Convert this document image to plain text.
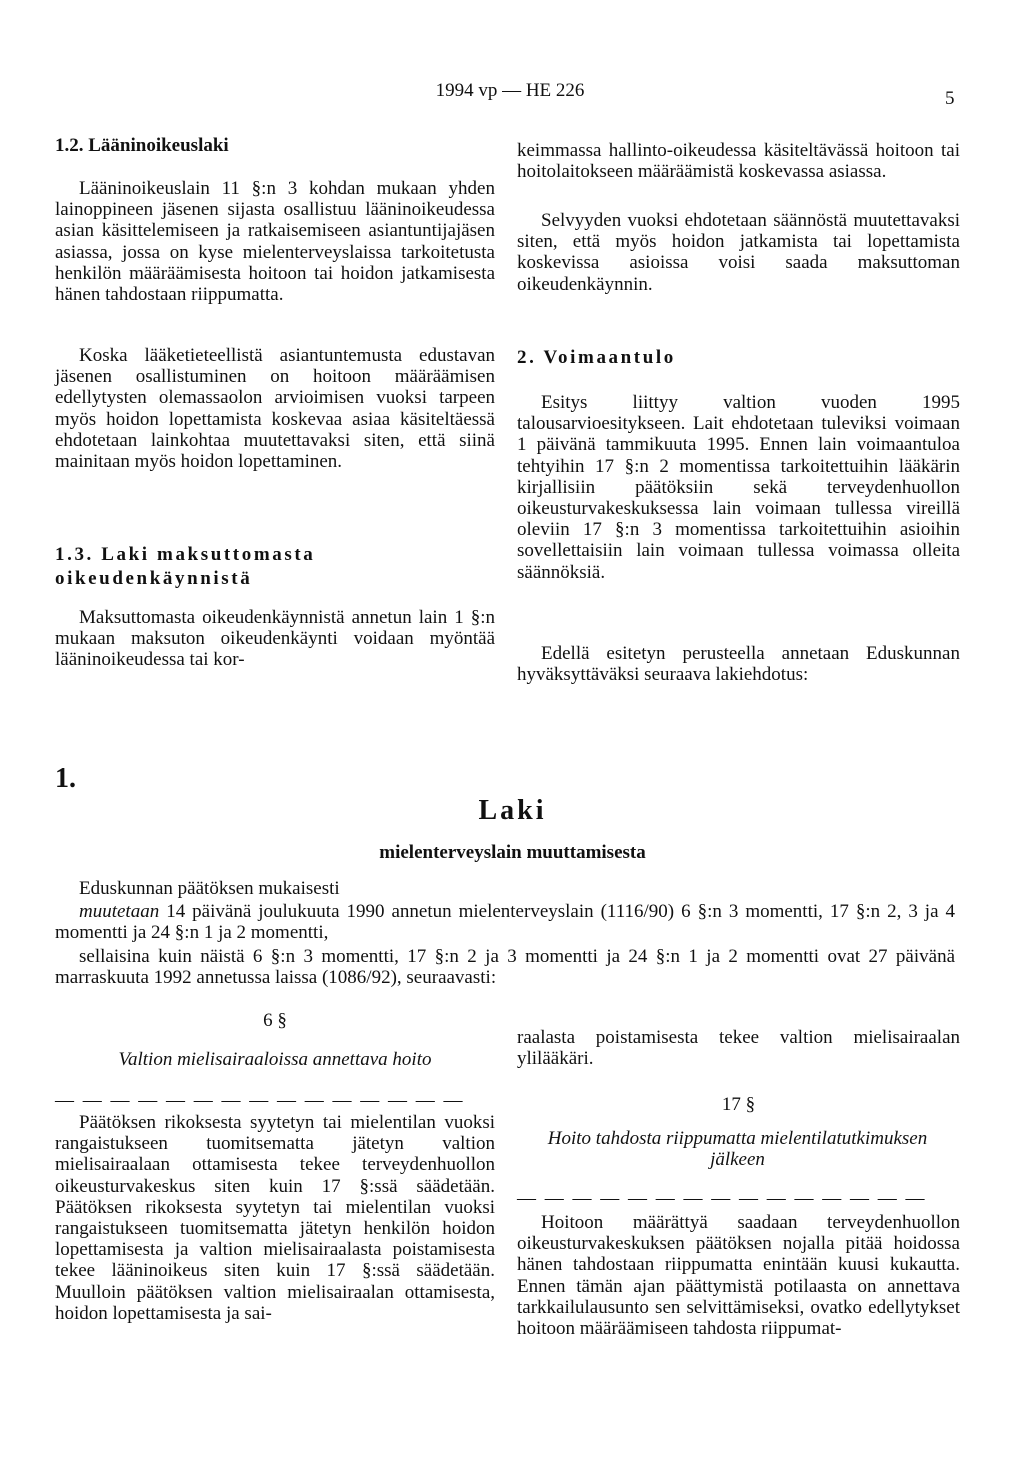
1994 vp — HE 226	5
1.2. Lääninoikeuslaki

Lääninoikeuslain 11 §:n 3 kohdan mukaan yhden lainoppineen jäsenen sijasta osallistuu lääninoikeudessa asian käsittelemiseen ja ratkaisemiseen asiantuntijajäsen asiassa, jossa on kyse mielenterveyslaissa tarkoitetusta henkilön määräämisesta hoitoon tai hoidon jatkamisesta hänen tahdostaan riippumatta.

Koska lääketieteellistä asiantuntemusta edustavan jäsenen osallistuminen on hoitoon määräämisen edellytysten olemassaolon arvioimisen vuoksi tarpeen myös hoidon lopettamista koskevaa asiaa käsiteltäessä ehdotetaan lainkohtaa muutettavaksi siten, että siinä mainitaan myös hoidon lopettaminen.

1.3. Laki maksuttomasta oikeudenkäynnistä

Maksuttomasta oikeudenkäynnistä annetun lain 1 §:n mukaan maksuton oikeudenkäynti voidaan myöntää lääninoikeudessa tai kor-

keimmassa hallinto-oikeudessa käsiteltävässä hoitoon tai hoitolaitokseen määräämistä koskevassa asiassa.

Selvyyden vuoksi ehdotetaan säännöstä muutettavaksi siten, että myös hoidon jatkamista tai lopettamista koskevissa asioissa voisi saada maksuttoman oikeudenkäynnin.

2. Voimaantulo

Esitys liittyy valtion vuoden 1995 talousarvioesitykseen. Lait ehdotetaan tuleviksi voimaan 1 päivänä tammikuuta 1995. Ennen lain voimaantuloa tehtyihin 17 §:n 2 momentissa tarkoitettuihin lääkärin kirjallisiin päätöksiin sekä terveydenhuollon oikeusturvakeskuksessa lain voimaan tullessa vireillä oleviin 17 §:n 3 momentissa tarkoitettuihin asioihin sovellettaisiin lain voimaan tullessa voimassa olleita säännöksiä.

Edellä esitetyn perusteella annetaan Eduskunnan hyväksyttäväksi seuraava lakiehdotus:

1.
Laki
mielenterveyslain muuttamisesta

Eduskunnan päätöksen mukaisesti

muutetaan 14 päivänä joulukuuta 1990 annetun mielenterveyslain (1116/90) 6 §:n 3 momentti, 17 §:n 2, 3 ja 4 momentti ja 24 §:n 1 ja 2 momentti,

sellaisina kuin näistä 6 §:n 3 momentti, 17 §:n 2 ja 3 momentti ja 24 §:n 1 ja 2 momentti ovat 27 päivänä marraskuuta 1992 annetussa laissa (1086/92), seuraavasti:

6 §
Valtion mielisairaaloissa annettava hoito
— — — — — — — — — — — — — — —

Päätöksen rikoksesta syytetyn tai mielentilan vuoksi rangaistukseen tuomitsematta jätetyn valtion mielisairaalaan ottamisesta tekee terveydenhuollon oikeusturvakeskus siten kuin 17 §:ssä säädetään. Päätöksen rikoksesta syytetyn tai mielentilan vuoksi rangaistukseen tuomitsematta jätetyn henkilön hoidon lopettamisesta ja valtion mielisairaalasta poistamisesta tekee lääninoikeus siten kuin 17 §:ssä säädetään. Muulloin päätöksen valtion mielisairaalan ottamisesta, hoidon lopettamisesta ja sai-

raalasta poistamisesta tekee valtion mielisairaalan ylilääkäri.

17 §
Hoito tahdosta riippumatta mielentilatutkimuksen jälkeen
— — — — — — — — — — — — — — —

Hoitoon määrättyä saadaan terveydenhuollon oikeusturvakeskuksen päätöksen nojalla pitää hoidossa hänen tahdostaan riippumatta enintään kuusi kukautta. Ennen tämän ajan päättymistä potilaasta on annettava tarkkailulausunto sen selvittämiseksi, ovatko edellytykset hoitoon määräämiseen tahdosta riippumat-
